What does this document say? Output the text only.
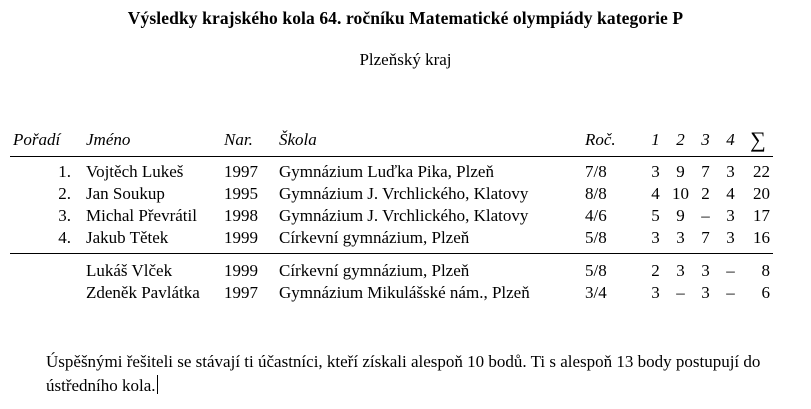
Výsledky krajského kola 64. ročníku Matematické olympiády kategorie P
Plzeňský kraj
Pořadí	Jméno	Nar.	Škola	Roč.	1	2	3	4	∑
1.	Vojtěch Lukeš	1997	Gymnázium Luďka Pika, Plzeň	7/8	3	9	7	3	22
2.	Jan Soukup	1995	Gymnázium J. Vrchlického, Klatovy	8/8	4	10	2	4	20
3.	Michal Převrátil	1998	Gymnázium J. Vrchlického, Klatovy	4/6	5	9	–	3	17
4.	Jakub Tětek	1999	Církevní gymnázium, Plzeň	5/8	3	3	7	3	16
	Lukáš Vlček	1999	Církevní gymnázium, Plzeň	5/8	2	3	3	–	8
	Zdeněk Pavlátka	1997	Gymnázium Mikulášské nám., Plzeň	3/4	3	–	3	–	6
Úspěšnými řešiteli se stávají ti účastníci, kteří získali alespoň 10 bodů. Ti s alespoň 13 body postupují do ústředního kola.
